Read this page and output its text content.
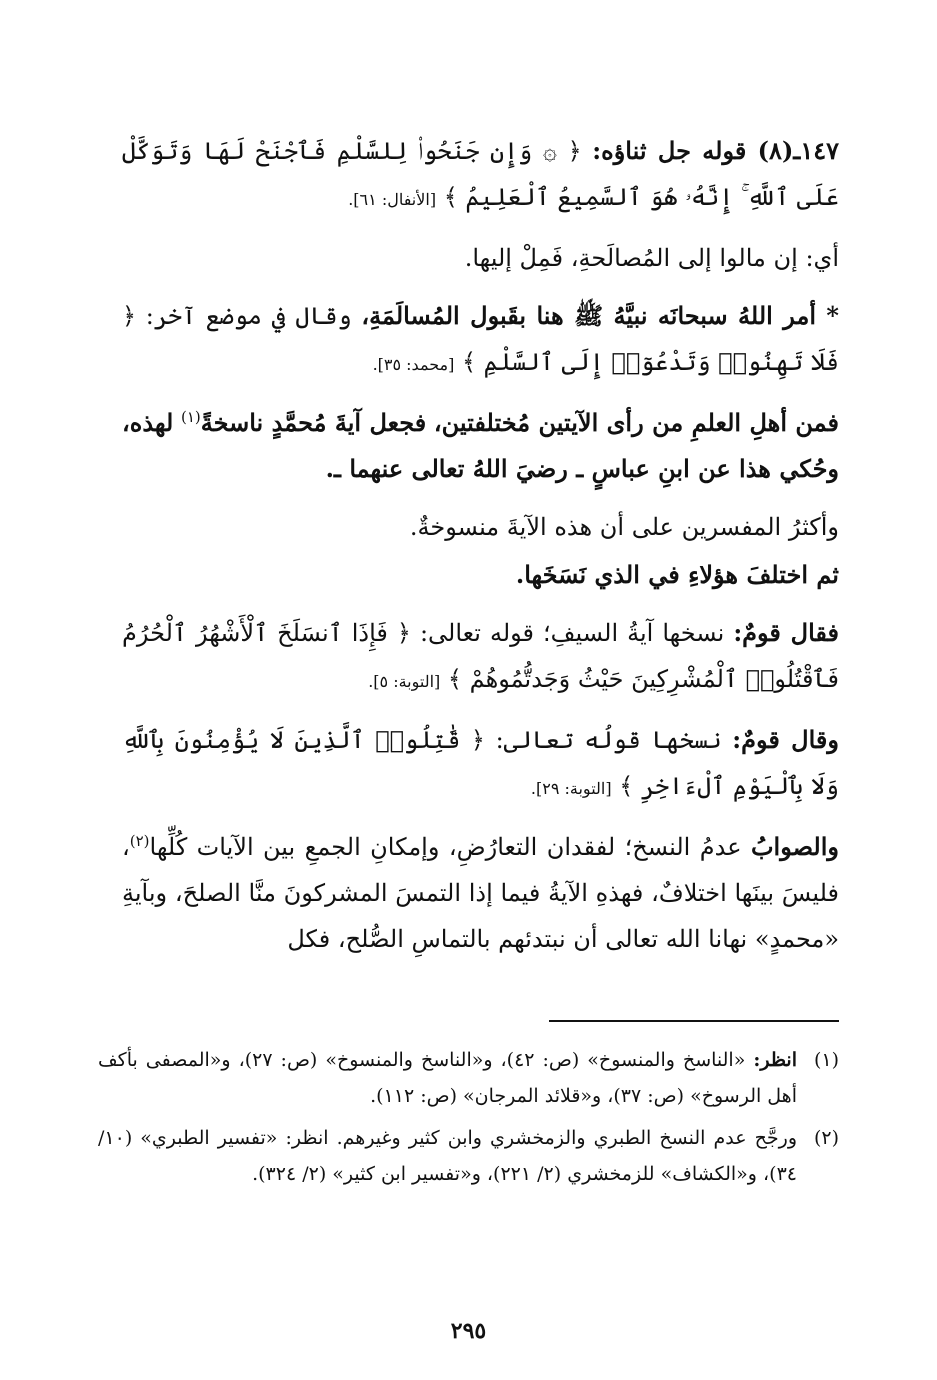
١٤٧ـ(٨) قوله جل ثناؤه: ﴿ ۞ وَإِن جَنَحُوا۟ لِلسَّلْمِ فَٱجْنَحْ لَهَا وَتَوَكَّلْ عَلَى ٱللَّهِ ۚ إِنَّهُۥ هُوَ ٱلسَّمِيعُ ٱلْعَلِيمُ ﴾ [الأنفال: ٦١].

أي: إن مالوا إلى المُصالَحةِ، فَمِلْ إليها.

* أمر اللهُ سبحانَه نبيَّهُ ﷺ هنا بقَبول المُسالَمَةِ، وقال في موضع آخر: ﴿ فَلَا تَهِنُوا۟ وَتَدْعُوٓا۟ إِلَى ٱلسَّلْمِ ﴾ [محمد: ٣٥].

فمن أهلِ العلمِ من رأى الآيتين مُختلفتين، فجعل آيةَ مُحمَّدٍ ناسخةً$^{(١)}$ لهذه، وحُكي هذا عن ابنِ عباسٍ ـ رضيَ اللهُ تعالى عنهما ـ.

وأكثرُ المفسرين على أن هذه الآيةَ منسوخةٌ.

ثم اختلفَ هؤلاءِ في الذي نَسَخَها.

فقال قومٌ: نسخها آيةُ السيفِ؛ قوله تعالى: ﴿ فَإِذَا ٱنسَلَخَ ٱلْأَشْهُرُ ٱلْحُرُمُ فَٱقْتُلُوا۟ ٱلْمُشْرِكِينَ حَيْثُ وَجَدتُّمُوهُمْ ﴾ [التوبة: ٥].

وقال قومٌ: نسخها قولُه تعالى: ﴿ قَٰتِلُوا۟ ٱلَّذِينَ لَا يُؤْمِنُونَ بِٱللَّهِ وَلَا بِٱلْيَوْمِ ٱلْءَاخِرِ ﴾ [التوبة: ٢٩].

والصوابُ عدمُ النسخ؛ لفقدان التعارُضِ، وإمكانِ الجمعِ بين الآيات كُلِّها$^{(٢)}$، فليسَ بينَها اختلافٌ، فهذهِ الآيةُ فيما إذا التمسَ المشركونَ منَّا الصلحَ، وبآيةِ «محمدٍ» نهانا الله تعالى أن نبتدئهم بالتماسِ الصُّلح، فكل

(١)
انظر: «الناسخ والمنسوخ» (ص: ٤٢)، و«الناسخ والمنسوخ» (ص: ٢٧)، و«المصفى بأكف أهل الرسوخ» (ص: ٣٧)، و«قلائد المرجان» (ص: ١١٢).
(٢)
ورجَّح عدم النسخ الطبري والزمخشري وابن كثير وغيرهم. انظر: «تفسير الطبري» (١٠/ ٣٤)، و«الكشاف» للزمخشري (٢/ ٢٢١)، و«تفسير ابن كثير» (٢/ ٣٢٤).
٢٩٥
